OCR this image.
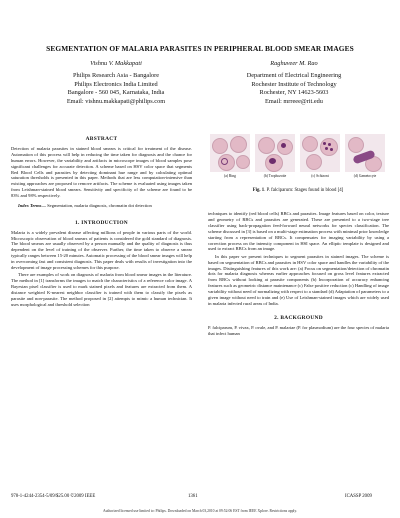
SEGMENTATION OF MALARIA PARASITES IN PERIPHERAL BLOOD SMEAR IMAGES
Vishnu V. Makkapati
Philips Research Asia - Bangalore
Philips Electronics India Limited
Bangalore - 560 045, Karnataka, India
Email: vishnu.makkapati@philips.com
Raghuveer M. Rao
Department of Electrical Engineering
Rochester Institute of Technology
Rochester, NY 14623-5603
Email: mrreee@rit.edu
ABSTRACT

Detection of malaria parasites in stained blood smears is critical for treatment of the disease. Automation of this process will help in reducing the time taken for diagnosis and the chance for human errors. However, the variability and artifacts in microscope images of blood samples pose significant challenges for accurate detection. A scheme based on HSV color space that segments Red Blood Cells and parasites by detecting dominant hue range and by calculating optimal saturation thresholds is presented in this paper. Methods that are less computation-intensive than existing approaches are proposed to remove artifacts. The scheme is evaluated using images taken from Leishman-stained blood smears. Sensitivity and specificity of the scheme are found to be 83% and 98% respectively.

Index Terms— Segmentation, malaria diagnosis, chromatin dot detection

1. INTRODUCTION

Malaria is a widely prevalent disease affecting millions of people in various parts of the world. Microscopic observation of blood smears of patients is considered the gold standard of diagnosis. The blood smears are usually observed by a person manually and the quality of diagnosis is thus dependent on the level of training of the observer. Further, the time taken to observe a smear typically ranges between 15-20 minutes. Automatic processing of the blood smear images will help in overcoming fast and consistent diagnosis. This paper deals with results of investigation into the development of image processing schemes for this purpose.

There are examples of work on diagnosis of malaria from blood smear images in the literature. The method in [1] transforms the images to match the characteristics of a reference color image. A Bayesian pixel classifier is used to mark stained pixels and features are extracted from them. A distance weighted K-nearest neighbor classifier is trained with them to classify the pixels as parasite and non-parasite. The method proposed in [2] attempts to mimic a human technician. It uses morphological and threshold selection

(a) Ring	(b) Trophozoite	(c) Schizont	(d) Gametocyte
Fig. 1. P. falciparum: Stages found in blood [4]

techniques to identify (red blood cells) RBCs and parasites. Image features based on color, texture and geometry of RBCs and parasites are generated. These are presented to a two-stage tree classifier using back-propagation feed-forward neural networks for species classification. The scheme discussed in [3] is based on a multi-stage estimation process with minimal prior knowledge starting from a representation of RBCs. It compensates for imaging variability by using a correction process on the intensity component in HSI space. An elliptic template is designed and used to extract RBCs from an image.

In this paper we present techniques to segment parasites in stained images. The scheme is based on segmentation of RBCs and parasites in HSV color space and handles the variability of the images. Distinguishing features of this work are: (a) Focus on segmentation/detection of chromatin dots for malaria diagnosis whereas earlier approaches focused on gross level features extracted from RBCs without looking at parasite components (b) Incorporation of accuracy enhancing features such as geometric distance maintenance (c) False positive reduction (c) Handling of image variability without need of normalizing with respect to a standard (d) Adaptation of parameters to a given image without need to train and (e) Use of Leishman-stained images which are widely used in malaria infected rural areas of India.

2. BACKGROUND

P. falciparum, P. vivax, P. ovale, and P. malariae (P. for plasmodium) are the four species of malaria that infect human

978-1-4244-2354-5/09/$25.00 ©2009 IEEE	1361	ICASSP 2009
Authorized licensed use limited to: Philips. Downloaded on March 03,2010 at 09:52:06 EST from IEEE Xplore. Restrictions apply.
